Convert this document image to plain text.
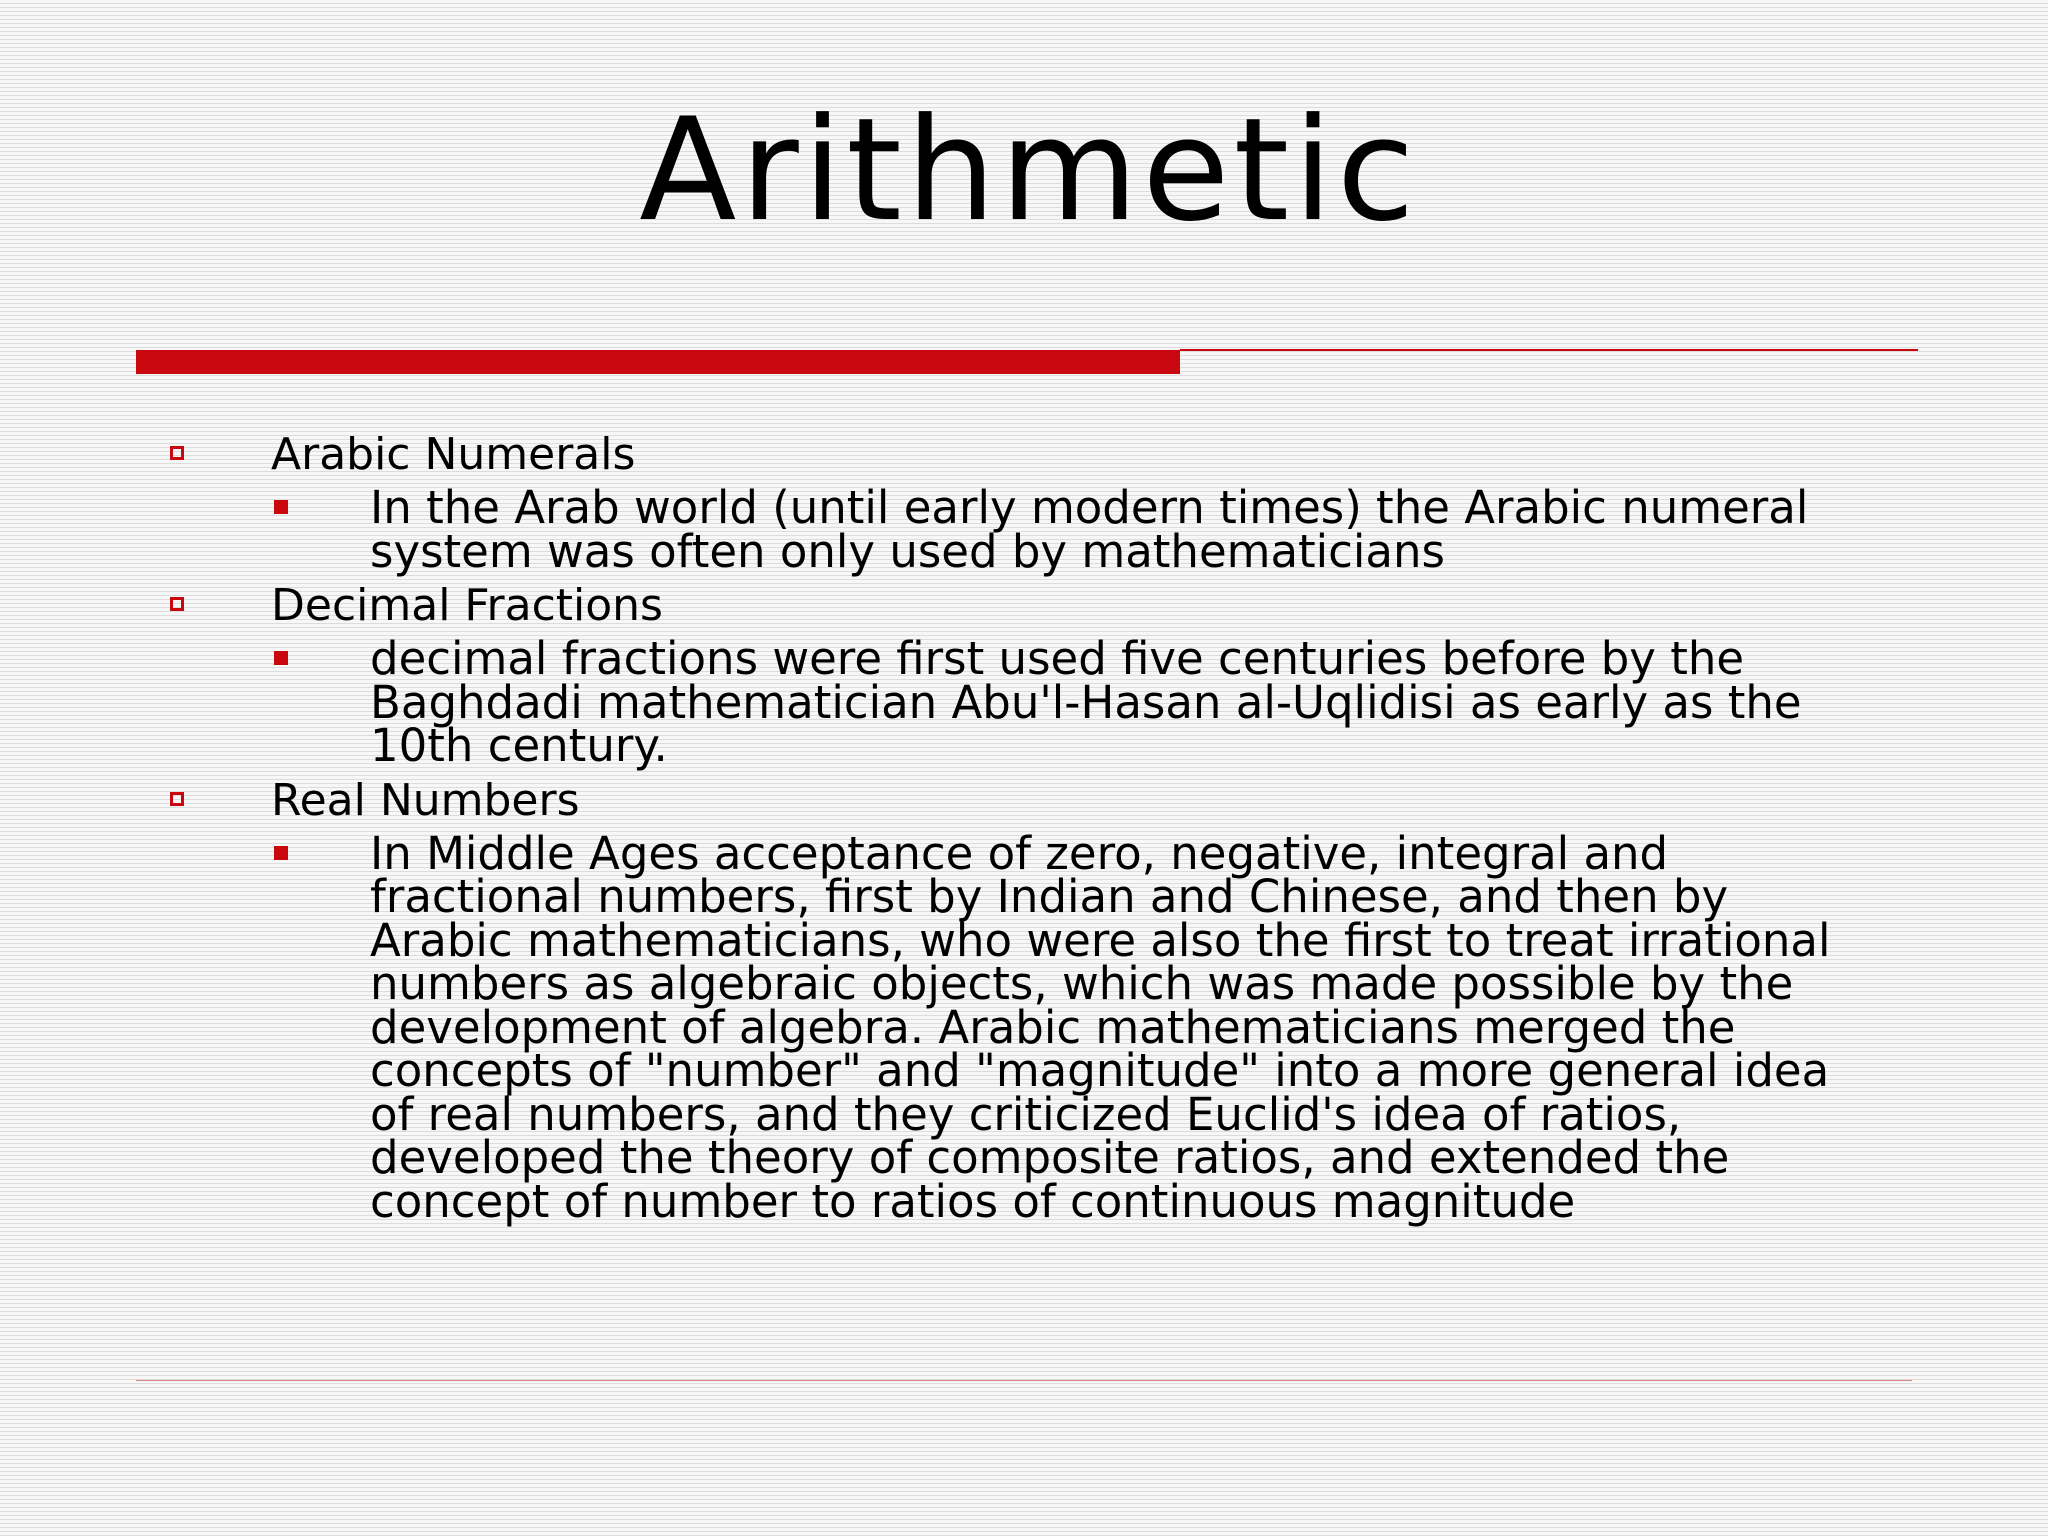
Arithmetic
Arabic Numerals
In the Arab world (until early modern times) the Arabic numeral
system was often only used by mathematicians
Decimal Fractions
decimal fractions were first used five centuries before by the
Baghdadi mathematician Abu'l-Hasan al-Uqlidisi as early as the
10th century.
Real Numbers
In Middle Ages acceptance of zero, negative, integral and
fractional numbers, first by Indian and Chinese, and then by
Arabic mathematicians, who were also the first to treat irrational
numbers as algebraic objects, which was made possible by the
development of algebra. Arabic mathematicians merged the
concepts of "number" and "magnitude" into a more general idea
of real numbers, and they criticized Euclid's idea of ratios,
developed the theory of composite ratios, and extended the
concept of number to ratios of continuous magnitude
